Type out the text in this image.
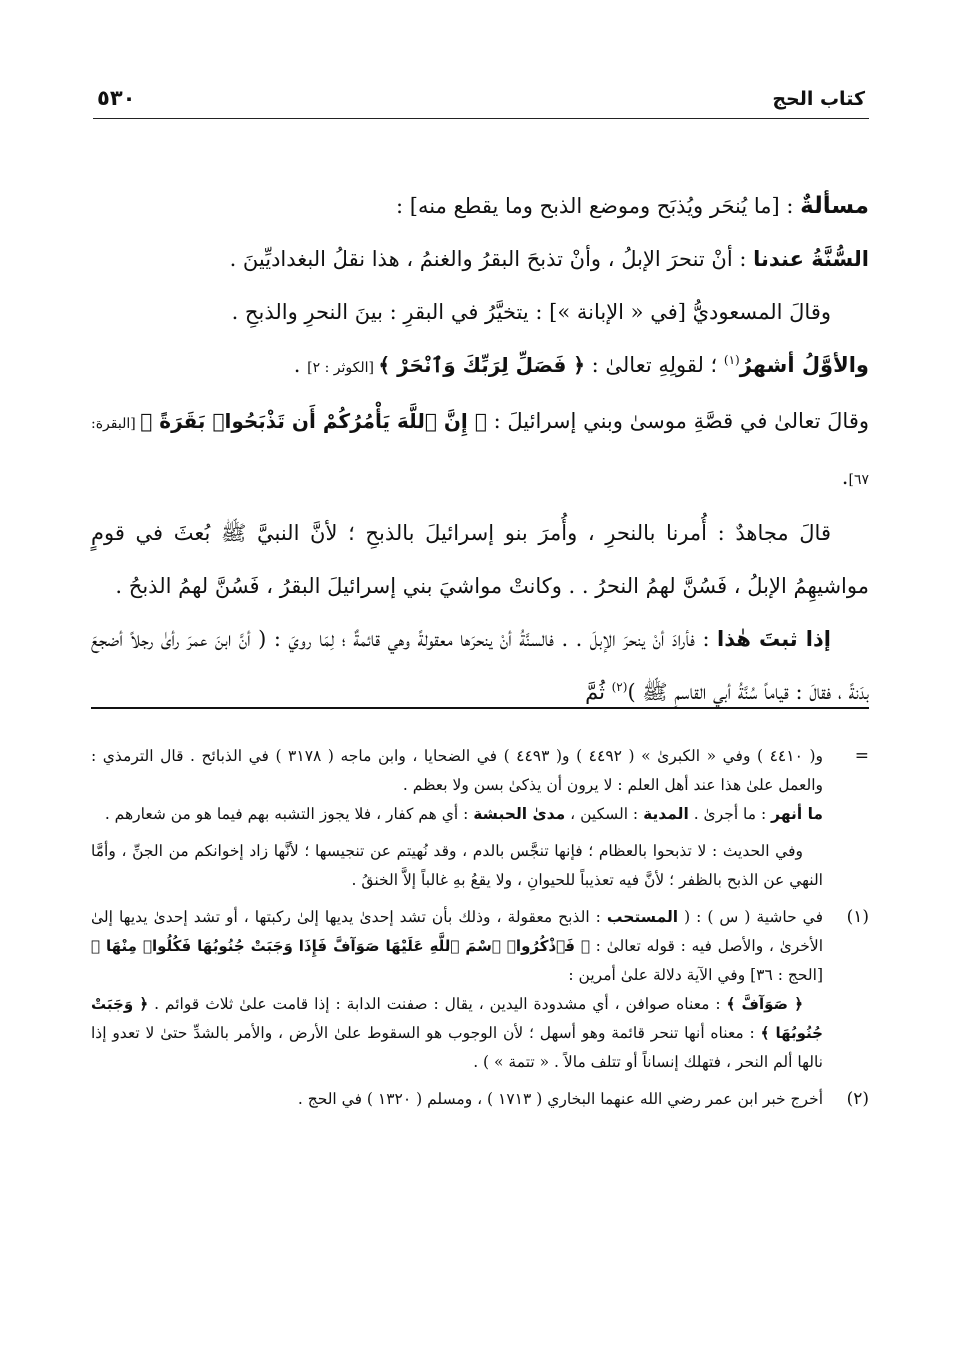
كتاب الحج
٥٣٠

مسألةٌ : [ما يُنحَر ويُذبَح وموضع الذبح وما يقطع منه] :

السُّنَّةُ عندنا : أنْ تنحرَ الإبلُ ، وأنْ تذبحَ البقرُ والغنمُ ، هذا نقلُ البغداديِّينَ .

وقالَ المسعوديُّ [في « الإبانة »] : يتخيَّرُ في البقرِ : بينَ النحرِ والذبحِ .

والأوَّلُ أشهرُ$^{(١)}$ ؛ لقولِهِ تعالىٰ : ﴿ فَصَلِّ لِرَبِّكَ وَٱنْحَرْ ﴾ [الكوثر : ٢] .

وقالَ تعالىٰ في قصَّةِ موسىٰ وبني إسرائيلَ : ﴿ إِنَّ ٱللَّهَ يَأْمُرُكُمْ أَن تَذْبَحُوا۟ بَقَرَةً ﴾ [البقرة: ٦٧].

قالَ مجاهدٌ : أُمرنا بالنحرِ ، وأُمرَ بنو إسرائيلَ بالذبحِ ؛ لأنَّ النبيَّ ﷺ بُعثَ في قومٍ مواشيهِمُ الإبلُ ، فَسُنَّ لهمُ النحرُ . . وكانتْ مواشيَ بني إسرائيلَ البقرُ ، فَسُنَّ لهمُ الذبحُ .

إذا ثبتَ هٰذا : فأرادَ أنْ ينحرَ الإبلَ . . فالسنَّةُ أنْ ينحرَها معقولةً وهي قائمةٌ ؛ لِمَا رويَ : ( أنَّ ابنَ عمرَ رأىٰ رجلاً أضجعَ بدَنةً ، فقالَ : قياماً سُنَّةُ أبي القاسمِ ﷺ )$^{(٢)}$ ثُمَّ

=

و( ٤٤١٠ ) وفي « الكبرىٰ » ( ٤٤٩٢ ) و( ٤٤٩٣ ) في الضحايا ، وابن ماجه ( ٣١٧٨ ) في الذبائح . قال الترمذي : والعمل علىٰ هذا عند أهل العلم : لا يرون أن يذكىٰ بسن ولا بعظم .

ما أنهر : ما أجرىٰ . المدية : السكين ، مدىٰ الحبشة : أي هم كفار ، فلا يجوز التشبه بهم فيما هو من شعارهم .

وفي الحديث : لا تذبحوا بالعظام ؛ فإنها تنجَّس بالدم ، وقد نُهيتم عن تنجيسها ؛ لأنَّها زاد إخوانكم من الجنِّ ، وأمَّا النهي عن الذبح بالظفر ؛ لأنَّ فيه تعذيباً للحيوانِ ، ولا يقعُ بهِ غالباً إلاَّ الخنقُ .

(١)

في حاشية ( س ) : ( المستحب : الذبح معقولة ، وذلك بأن تشد إحدىٰ يديها إلىٰ ركبتها ، أو تشد إحدىٰ يديها إلىٰ الأخرىٰ ، والأصل فيه : قوله تعالىٰ : ﴿ فَٱذْكُرُوا۟ ٱسْمَ ٱللَّهِ عَلَيْهَا صَوَآفَّ فَإِذَا وَجَبَتْ جُنُوبُهَا فَكُلُوا۟ مِنْهَا ﴾ [الحج : ٣٦] وفي الآية دلالة علىٰ أمرين :

﴿ صَوَآفَّ ﴾ : معناه صوافن ، أي مشدودة اليدين ، يقال : صفنت الدابة : إذا قامت علىٰ ثلاث قوائم . ﴿ وَجَبَتْ جُنُوبُهَا ﴾ : معناه أنها تنحر قائمة وهو أسهل ؛ لأن الوجوب هو السقوط علىٰ الأرض ، والأمر بالشدِّ حتىٰ لا تعدو إذا نالها ألم النحر ، فتهلك إنساناً أو تتلف مالاً . « تتمة » ) .

(٢)

أخرج خبر ابن عمر رضي الله عنهما البخاري ( ١٧١٣ ) ، ومسلم ( ١٣٢٠ ) في الحج .
